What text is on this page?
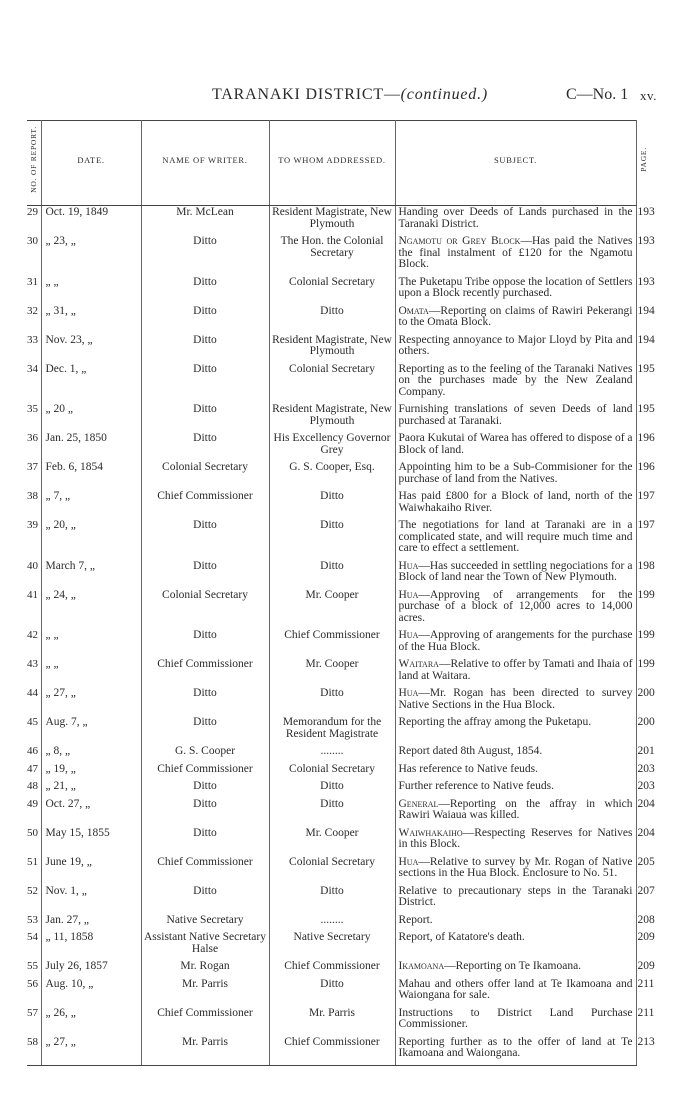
TARANAKI DISTRICT—(continued.)	C—No. 1 xv.
NO. OF REPORT.	DATE.	NAME OF WRITER.	TO WHOM ADDRESSED.	SUBJECT.	PAGE.
29	Oct. 19, 1849	Mr. McLean	Resident Magistrate, New Plymouth	Handing over Deeds of Lands purchased in the Taranaki District.	193
30	„ 23, „	Ditto	The Hon. the Colonial Secretary	Ngamotu or Grey Block—Has paid the Natives the final instalment of £120 for the Ngamotu Block.	193
31	„ „	Ditto	Colonial Secretary	The Puketapu Tribe oppose the location of Settlers upon a Block recently purchased.	193
32	„ 31, „	Ditto	Ditto	Omata—Reporting on claims of Rawiri Pekerangi to the Omata Block.	194
33	Nov. 23, „	Ditto	Resident Magistrate, New Plymouth	Respecting annoyance to Major Lloyd by Pita and others.	194
34	Dec. 1, „	Ditto	Colonial Secretary	Reporting as to the feeling of the Taranaki Natives on the purchases made by the New Zealand Company.	195
35	„ 20 „	Ditto	Resident Magistrate, New Plymouth	Furnishing translations of seven Deeds of land purchased at Taranaki.	195
36	Jan. 25, 1850	Ditto	His Excellency Governor Grey	Paora Kukutai of Warea has offered to dispose of a Block of land.	196
37	Feb. 6, 1854	Colonial Secretary	G. S. Cooper, Esq.	Appointing him to be a Sub-Commisioner for the purchase of land from the Natives.	196
38	„ 7, „	Chief Commissioner	Ditto	Has paid £800 for a Block of land, north of the Waiwhakaiho River.	197
39	„ 20, „	Ditto	Ditto	The negotiations for land at Taranaki are in a complicated state, and will require much time and care to effect a settlement.	197
40	March 7, „	Ditto	Ditto	Hua—Has succeeded in settling negociations for a Block of land near the Town of New Plymouth.	198
41	„ 24, „	Colonial Secretary	Mr. Cooper	Hua—Approving of arrangements for the purchase of a block of 12,000 acres to 14,000 acres.	199
42	„ „	Ditto	Chief Commissioner	Hua—Approving of arangements for the purchase of the Hua Block.	199
43	„ „	Chief Commissioner	Mr. Cooper	Waitara—Relative to offer by Tamati and Ihaia of land at Waitara.	199
44	„ 27, „	Ditto	Ditto	Hua—Mr. Rogan has been directed to survey Native Sections in the Hua Block.	200
45	Aug. 7, „	Ditto	Memorandum for the Resident Magistrate	Reporting the affray among the Puketapu.	200
46	„ 8, „	G. S. Cooper	........	Report dated 8th August, 1854.	201
47	„ 19, „	Chief Commissioner	Colonial Secretary	Has reference to Native feuds.	203
48	„ 21, „	Ditto	Ditto	Further reference to Native feuds.	203
49	Oct. 27, „	Ditto	Ditto	General—Reporting on the affray in which Rawiri Waiaua was killed.	204
50	May 15, 1855	Ditto	Mr. Cooper	Waiwhakaiho—Respecting Reserves for Natives in this Block.	204
51	June 19, „	Chief Commissioner	Colonial Secretary	Hua—Relative to survey by Mr. Rogan of Native sections in the Hua Block. Enclosure to No. 51.	205
52	Nov. 1, „	Ditto	Ditto	Relative to precautionary steps in the Taranaki District.	207
53	Jan. 27, „	Native Secretary	........	Report.	208
54	„ 11, 1858	Assistant Native Secretary Halse	Native Secretary	Report, of Katatore's death.	209
55	July 26, 1857	Mr. Rogan	Chief Commissioner	Ikamoana—Reporting on Te Ikamoana.	209
56	Aug. 10, „	Mr. Parris	Ditto	Mahau and others offer land at Te Ikamoana and Waiongana for sale.	211
57	„ 26, „	Chief Commissioner	Mr. Parris	Instructions to District Land Purchase Commissioner.	211
58	„ 27, „	Mr. Parris	Chief Commissioner	Reporting further as to the offer of land at Te Ikamoana and Waiongana.	213
